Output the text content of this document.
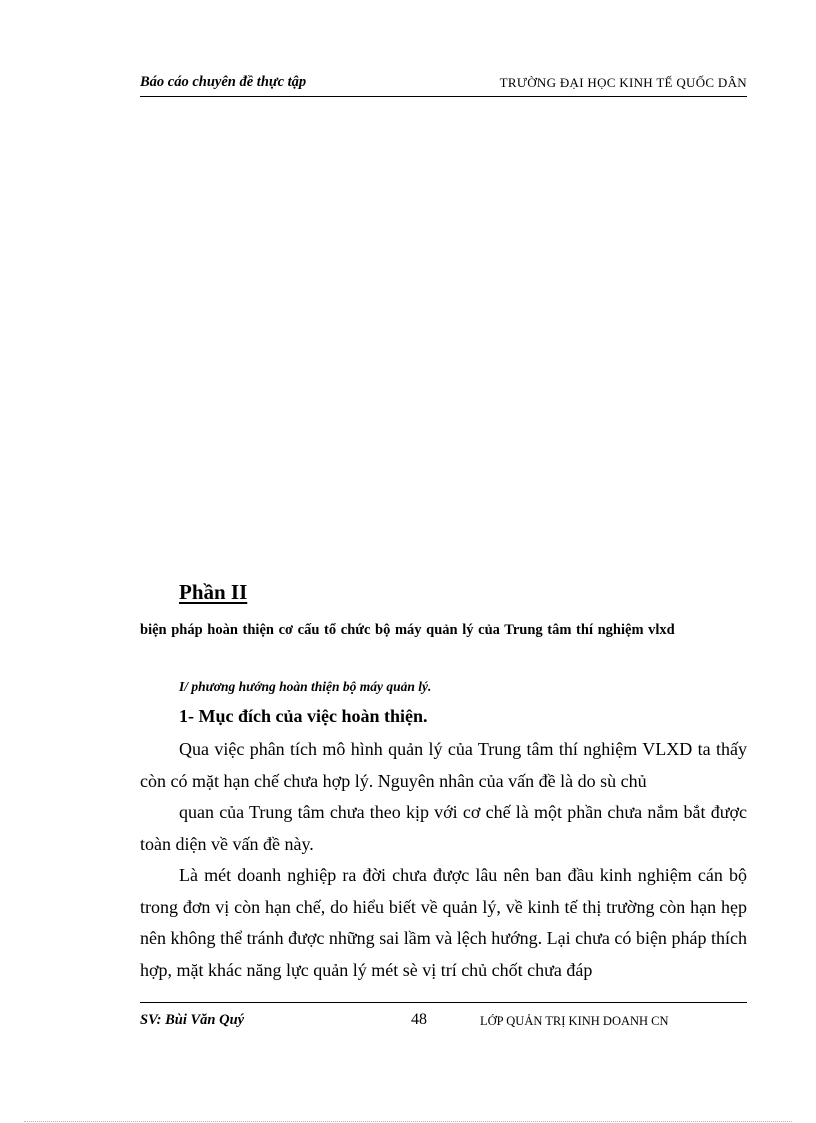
Báo cáo chuyên đề thực tập	TRƯỜNG ĐẠI HỌC KINH TẾ QUỐC DÂN
Phần II

biện pháp hoàn thiện cơ cấu tổ chức bộ máy quản lý của Trung tâm thí nghiệm vlxd

I/ phương hướng hoàn thiện bộ máy quản lý.

1- Mục đích của việc hoàn thiện.

Qua việc phân tích mô hình quản lý của Trung tâm thí nghiệm VLXD ta thấy còn có mặt hạn chế chưa hợp lý. Nguyên nhân của vấn đề là do sù chủ

quan của Trung tâm chưa theo kịp với cơ chế là một phần chưa nắm bắt được toàn diện về vấn đề này.

Là mét doanh nghiệp ra đời chưa được lâu nên ban đầu kinh nghiệm cán bộ trong đơn vị còn hạn chế, do hiểu biết về quản lý, về kinh tế thị trường còn hạn hẹp nên không thể tránh được những sai lầm và lệch hướng. Lại chưa có biện pháp thích hợp, mặt khác năng lực quản lý mét sè vị trí chủ chốt chưa đáp

SV: Bùi Văn Quý	48	LỚP QUẢN TRỊ KINH DOANH CN
